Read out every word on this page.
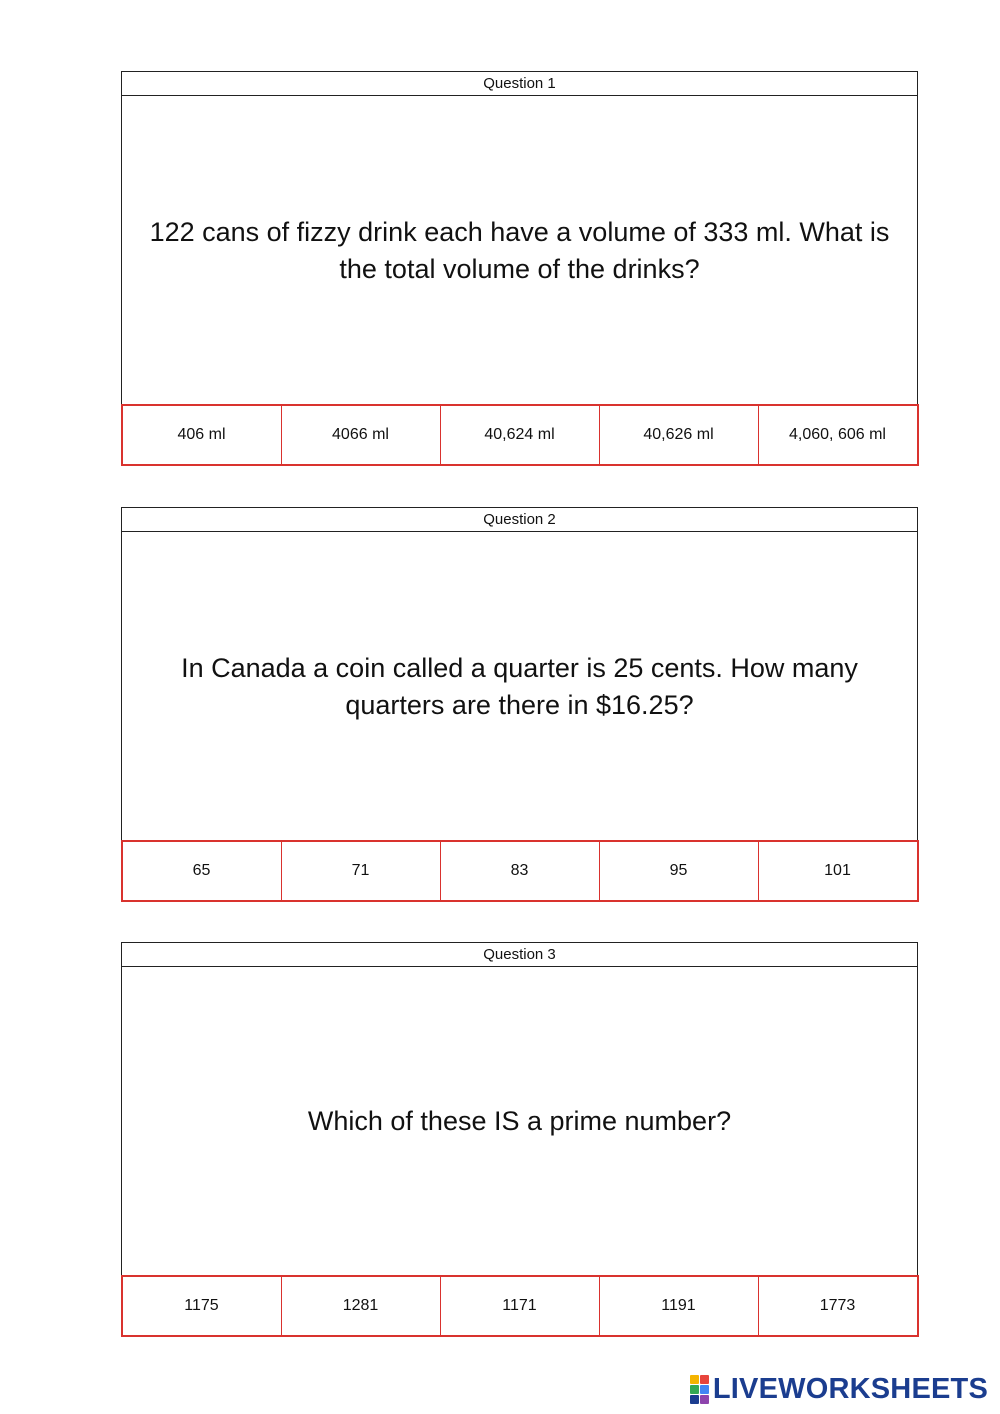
Question 1
122 cans of fizzy drink each have a volume of 333 ml. What is the total volume of the drinks?
406 ml	4066 ml	40,624 ml	40,626 ml	4,060, 606 ml
Question 2
In Canada a coin called a quarter is 25 cents. How many quarters are there in $16.25?
65	71	83	95	101
Question 3
Which of these IS a prime number?
1175	1281	1171	1191	1773
LIVEWORKSHEETS
